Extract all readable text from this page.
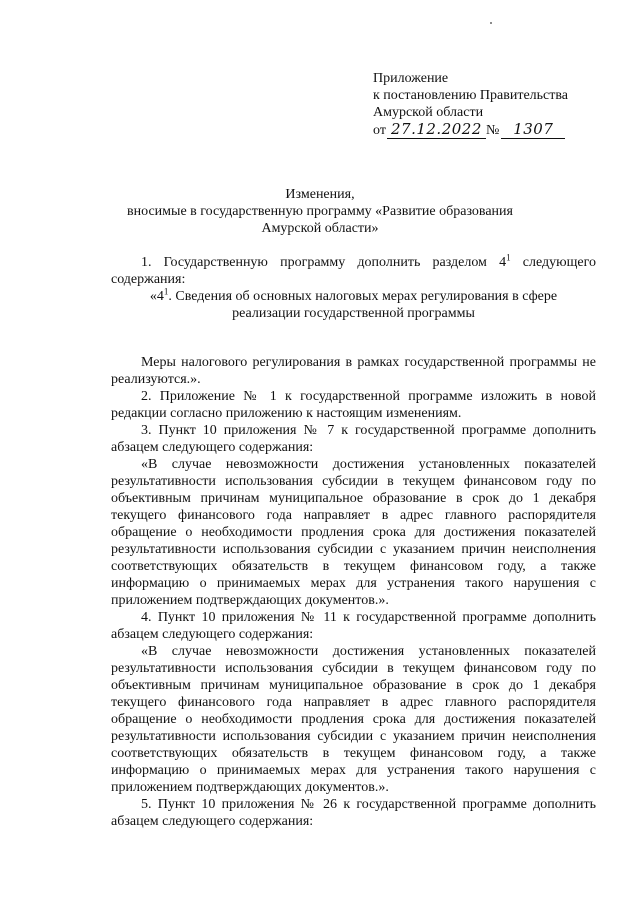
Приложение
к постановлению Правительства
Амурской области
от 27.12.2022 № 1307
Изменения,
вносимые в государственную программу «Развитие образования
Амурской области»

1. Государственную программу дополнить разделом $4^1$ следующего содержания:

«$4^1$. Сведения об основных налоговых мерах регулирования в сфере
реализации государственной программы

Меры налогового регулирования в рамках государственной программы не реализуются.».

2. Приложение № 1 к государственной программе изложить в новой редакции согласно приложению к настоящим изменениям.

3. Пункт 10 приложения № 7 к государственной программе дополнить абзацем следующего содержания:

«В случае невозможности достижения установленных показателей результативности использования субсидии в текущем финансовом году по объективным причинам муниципальное образование в срок до 1 декабря текущего финансового года направляет в адрес главного распорядителя обращение о необходимости продления срока для достижения показателей результативности использования субсидии с указанием причин неисполнения соответствующих обязательств в текущем финансовом году, а также информацию о принимаемых мерах для устранения такого нарушения с приложением подтверждающих документов.».

4. Пункт 10 приложения № 11 к государственной программе дополнить абзацем следующего содержания:

«В случае невозможности достижения установленных показателей результативности использования субсидии в текущем финансовом году по объективным причинам муниципальное образование в срок до 1 декабря текущего финансового года направляет в адрес главного распорядителя обращение о необходимости продления срока для достижения показателей результативности использования субсидии с указанием причин неисполнения соответствующих обязательств в текущем финансовом году, а также информацию о принимаемых мерах для устранения такого нарушения с приложением подтверждающих документов.».

5. Пункт 10 приложения № 26 к государственной программе дополнить абзацем следующего содержания:
